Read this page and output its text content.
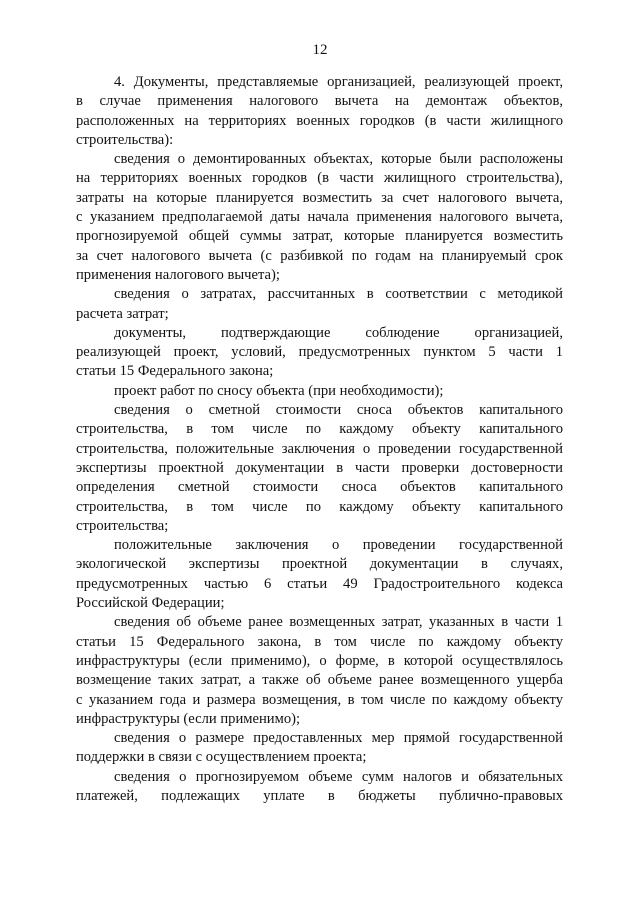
12
4. Документы, представляемые организацией, реализующей проект,
в случае применения налогового вычета на демонтаж объектов,
расположенных на территориях военных городков (в части жилищного
строительства):
сведения о демонтированных объектах, которые были расположены
на территориях военных городков (в части жилищного строительства),
затраты на которые планируется возместить за счет налогового вычета,
с указанием предполагаемой даты начала применения налогового вычета,
прогнозируемой общей суммы затрат, которые планируется возместить
за счет налогового вычета (с разбивкой по годам на планируемый срок
применения налогового вычета);
сведения о затратах, рассчитанных в соответствии с методикой
расчета затрат;
документы, подтверждающие соблюдение организацией,
реализующей проект, условий, предусмотренных пунктом 5 части 1
статьи 15 Федерального закона;
проект работ по сносу объекта (при необходимости);
сведения о сметной стоимости сноса объектов капитального
строительства, в том числе по каждому объекту капитального
строительства, положительные заключения о проведении государственной
экспертизы проектной документации в части проверки достоверности
определения сметной стоимости сноса объектов капитального
строительства, в том числе по каждому объекту капитального
строительства;
положительные заключения о проведении государственной
экологической экспертизы проектной документации в случаях,
предусмотренных частью 6 статьи 49 Градостроительного кодекса
Российской Федерации;
сведения об объеме ранее возмещенных затрат, указанных в части 1
статьи 15 Федерального закона, в том числе по каждому объекту
инфраструктуры (если применимо), о форме, в которой осуществлялось
возмещение таких затрат, а также об объеме ранее возмещенного ущерба
с указанием года и размера возмещения, в том числе по каждому объекту
инфраструктуры (если применимо);
сведения о размере предоставленных мер прямой государственной
поддержки в связи с осуществлением проекта;
сведения о прогнозируемом объеме сумм налогов и обязательных
платежей, подлежащих уплате в бюджеты публично-правовых
